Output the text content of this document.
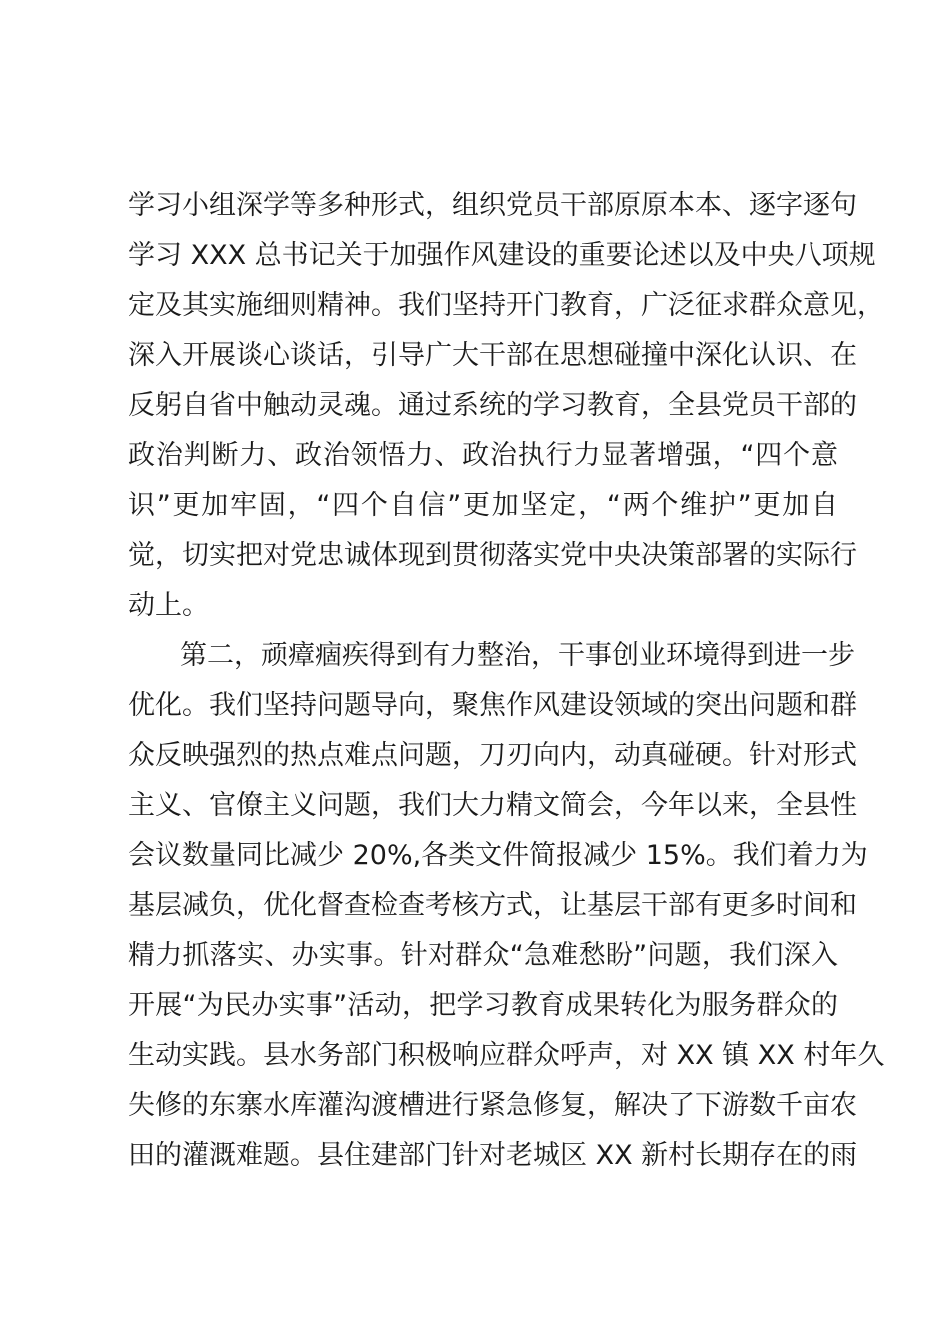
学习小组深学等多种形式，组织党员干部原原本本、逐字逐句
学习 XXX 总书记关于加强作风建设的重要论述以及中央八项规
定及其实施细则精神。我们坚持开门教育，广泛征求群众意见，
深入开展谈心谈话，引导广大干部在思想碰撞中深化认识、在
反躬自省中触动灵魂。通过系统的学习教育，全县党员干部的
政治判断力、政治领悟力、政治执行力显著增强，“四个意
识”更加牢固，“四个自信”更加坚定，“两个维护”更加自
觉，切实把对党忠诚体现到贯彻落实党中央决策部署的实际行
动上。
第二，顽瘴痼疾得到有力整治，干事创业环境得到进一步
优化。我们坚持问题导向，聚焦作风建设领域的突出问题和群
众反映强烈的热点难点问题，刀刃向内，动真碰硬。针对形式
主义、官僚主义问题，我们大力精文简会，今年以来，全县性
会议数量同比减少 20%,各类文件简报减少 15%。我们着力为
基层减负，优化督查检查考核方式，让基层干部有更多时间和
精力抓落实、办实事。针对群众“急难愁盼”问题，我们深入
开展“为民办实事”活动，把学习教育成果转化为服务群众的
生动实践。县水务部门积极响应群众呼声，对 XX 镇 XX 村年久
失修的东寨水库灌沟渡槽进行紧急修复，解决了下游数千亩农
田的灌溉难题。县住建部门针对老城区 XX 新村长期存在的雨
